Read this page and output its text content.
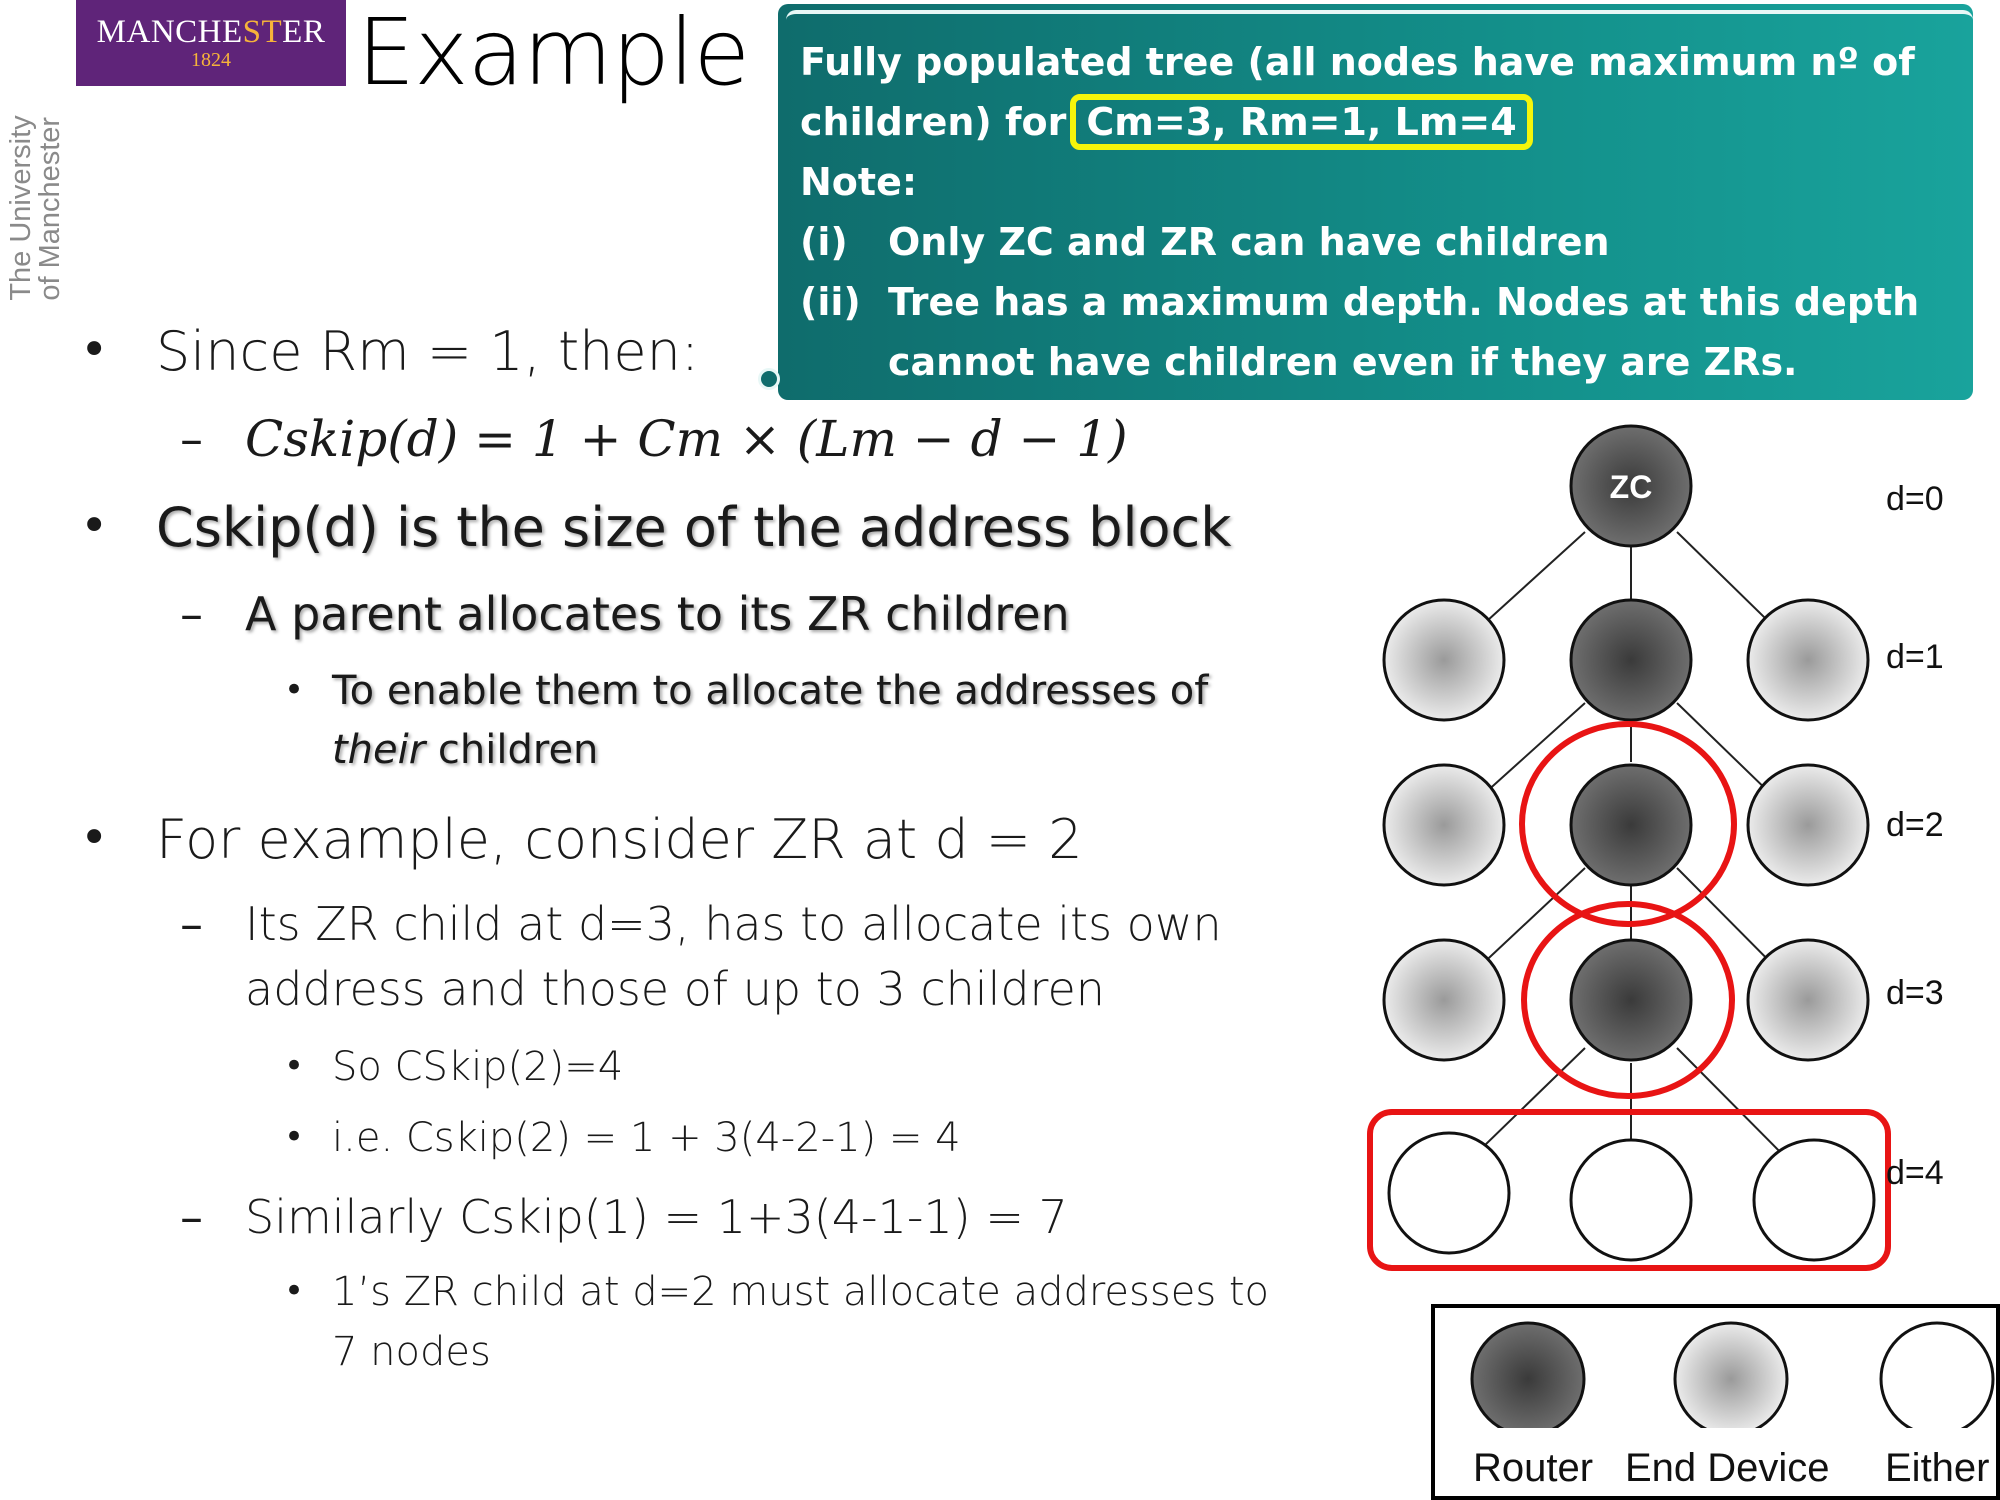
MANCHESTER
1824
The University
of Manchester
Example Fully populated tree (all nodes have maximum nº of
children) for Cm=3, Rm=1, Lm=4
Note:
(i) Only ZC and ZR can have children
(ii) Tree has a maximum depth. Nodes at this depth
cannot have children even if they are ZRs.
• Since Rm = 1, then:
– Cskip(d) = 1 + Cm × (Lm − d − 1)
• Cskip(d) is the size of the address block
– A parent allocates to its ZR children
• To enable them to allocate the addresses of
their children
• For example, consider ZR at d = 2
– Its ZR child at d=3, has to allocate its own
address and those of up to 3 children
• So CSkip(2)=4
• i.e. Cskip(2) = 1 + 3(4-2-1) = 4
– Similarly Cskip(1) = 1+3(4-1-1) = 7
• 1’s ZR child at d=2 must allocate addresses to
7 nodes
ZC	d=0
d=1
d=2
d=3
d=4
Router End Device Either
